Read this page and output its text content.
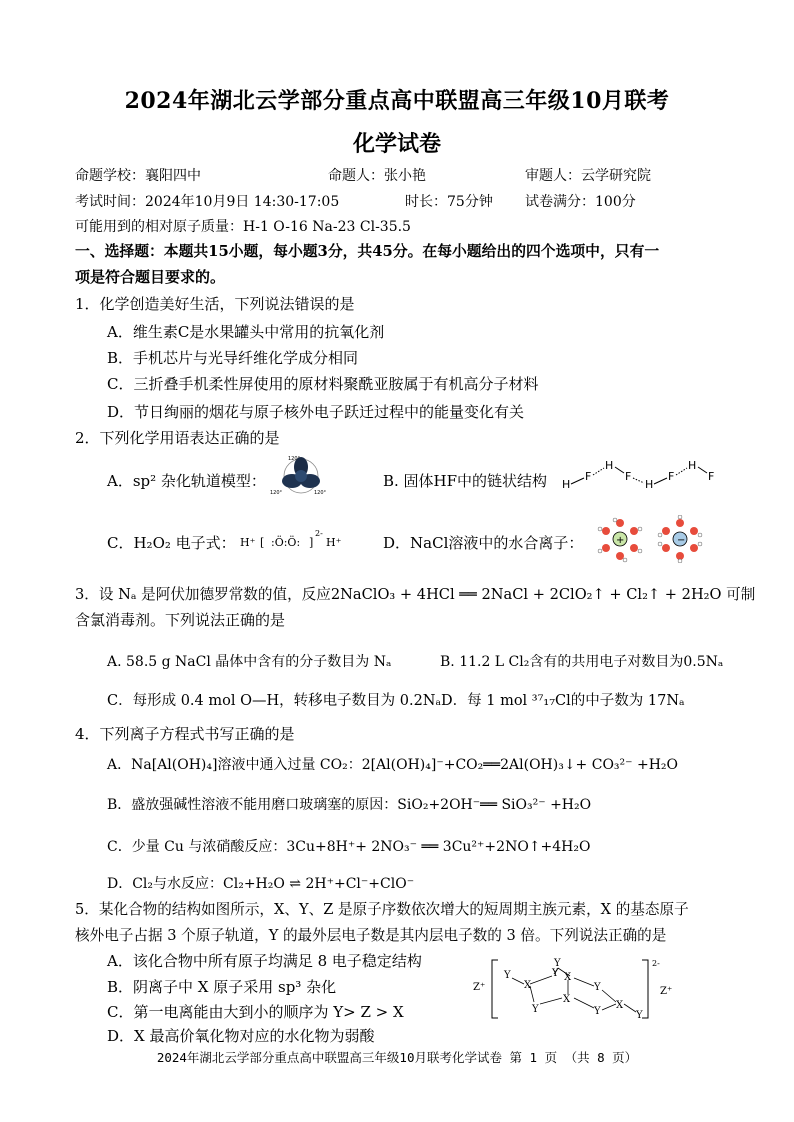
2024年湖北云学部分重点高中联盟高三年级10月联考
化学试卷
命题学校：襄阳四中	命题人：张小艳	审题人：云学研究院
考试时间：2024年10月9日 14:30-17:05	时长：75分钟 试卷满分：100分
可能用到的相对原子质量：H-1 O-16 Na-23 Cl-35.5
一、选择题：本题共15小题，每小题3分，共45分。在每小题给出的四个选项中，只有一
项是符合题目要求的。
1．化学创造美好生活，下列说法错误的是
A．维生素C是水果罐头中常用的抗氧化剂
B．手机芯片与光导纤维化学成分相同
C．三折叠手机柔性屏使用的原材料聚酰亚胺属于有机高分子材料
D．节日绚丽的烟花与原子核外电子跃迁过程中的能量变化有关
2．下列化学用语表达正确的是
A．sp² 杂化轨道模型：
120°
120°	120°
B. 固体HF中的链状结构 H
F
H
F
H
F
H
F
C．H₂O₂ 电子式： H⁺ [ :Ö:Ö: ]
2-
H⁺	D．NaCl溶液中的水合离子：	+	−
3．设 Nₐ 是阿伏加德罗常数的值，反应2NaClO₃ + 4HCl ══ 2NaCl + 2ClO₂↑ + Cl₂↑ + 2H₂O 可制
含氯消毒剂。下列说法正确的是
A. 58.5 g NaCl 晶体中含有的分子数目为 Nₐ	B. 11.2 L Cl₂含有的共用电子对数目为0.5Nₐ
C．每形成 0.4 mol O—H，转移电子数目为 0.2Nₐ D．每 1 mol ³⁷₁₇Cl的中子数为 17Nₐ
4．下列离子方程式书写正确的是
A．Na[Al(OH)₄]溶液中通入过量 CO₂：2[Al(OH)₄]⁻+CO₂══2Al(OH)₃↓+ CO₃²⁻ +H₂O
B．盛放强碱性溶液不能用磨口玻璃塞的原因：SiO₂+2OH⁻══ SiO₃²⁻ +H₂O
C．少量 Cu 与浓硝酸反应：3Cu+8H⁺+ 2NO₃⁻ ══ 3Cu²⁺+2NO↑+4H₂O
D．Cl₂与水反应：Cl₂+H₂O ⇌ 2H⁺+Cl⁻+ClO⁻
5．某化合物的结构如图所示，X、Y、Z 是原子序数依次增大的短周期主族元素，X 的基态原子
核外电子占据 3 个原子轨道，Y 的最外层电子数是其内层电子数的 3 倍。下列说法正确的是
A．该化合物中所有原子均满足 8 电子稳定结构
B．阴离子中 X 原子采用 sp³ 杂化
C．第一电离能由大到小的顺序为 Y> Z > X
D．X 最高价氧化物对应的水化物为弱酸
Z⁺
2-
Z⁺
Y
X
Y
Y
Y
X
X
Y
Y
X
Y
2024年湖北云学部分重点高中联盟高三年级10月联考化学试卷 第 1 页 （共 8 页）
